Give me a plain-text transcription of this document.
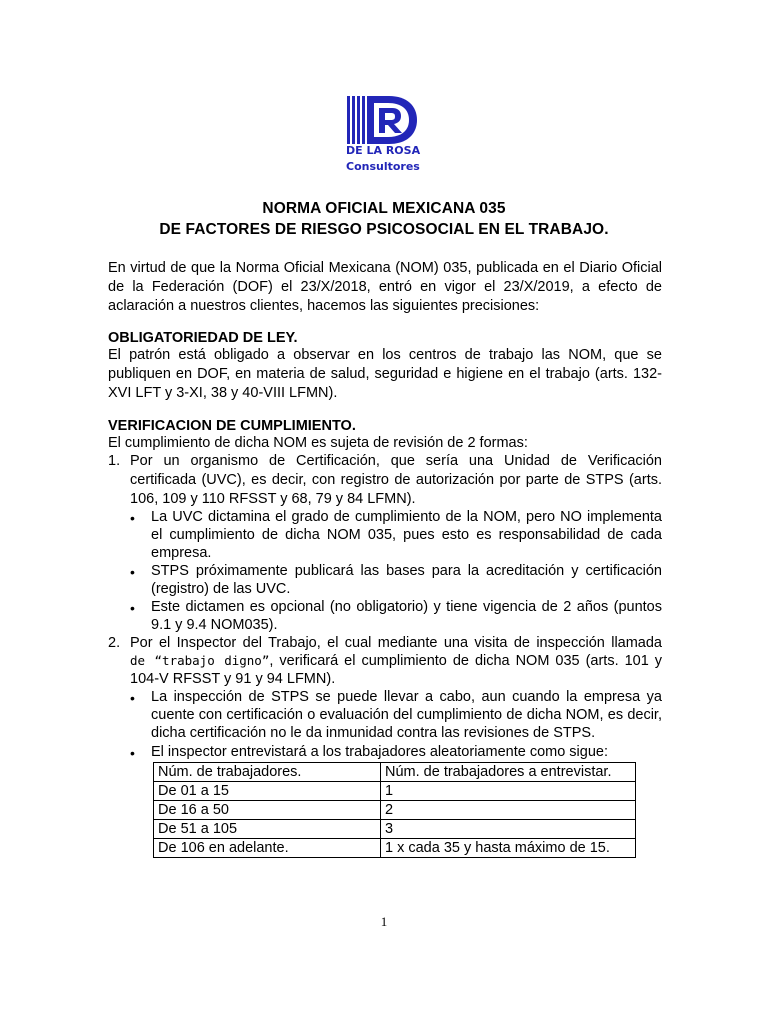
DE LA ROSA
Consultores
NORMA OFICIAL MEXICANA 035
DE FACTORES DE RIESGO PSICOSOCIAL EN EL TRABAJO.
En virtud de que la Norma Oficial Mexicana (NOM) 035, publicada en el Diario Oficial de la Federación (DOF) el 23/X/2018, entró en vigor el 23/X/2019, a efecto de aclaración a nuestros clientes, hacemos las siguientes precisiones:
OBLIGATORIEDAD DE LEY.
El patrón está obligado a observar en los centros de trabajo las NOM, que se publiquen en DOF, en materia de salud, seguridad e higiene en el trabajo (arts. 132-XVI LFT y 3-XI, 38 y 40-VIII LFMN).
VERIFICACION DE CUMPLIMIENTO.
El cumplimiento de dicha NOM es sujeta de revisión de 2 formas:
1. Por un organismo de Certificación, que sería una Unidad de Verificación certificada (UVC), es decir, con registro de autorización por parte de STPS (arts. 106, 109 y 110 RFSST y 68, 79 y 84 LFMN).
• La UVC dictamina el grado de cumplimiento de la NOM, pero NO implementa el cumplimiento de dicha NOM 035, pues esto es responsabilidad de cada empresa.
• STPS próximamente publicará las bases para la acreditación y certificación (registro) de las UVC.
• Este dictamen es opcional (no obligatorio) y tiene vigencia de 2 años (puntos 9.1 y 9.4 NOM035).
2. Por el Inspector del Trabajo, el cual mediante una visita de inspección llamada
de “trabajo digno”, verificará el cumplimiento de dicha NOM 035 (arts. 101 y
104-V RFSST y 91 y 94 LFMN).
• La inspección de STPS se puede llevar a cabo, aun cuando la empresa ya cuente con certificación o evaluación del cumplimiento de dicha NOM, es decir, dicha certificación no le da inmunidad contra las revisiones de STPS.
• El inspector entrevistará a los trabajadores aleatoriamente como sigue:
Núm. de trabajadores.	Núm. de trabajadores a entrevistar.
De 01 a 15	1
De 16 a 50	2
De 51 a 105	3
De 106 en adelante.	1 x cada 35 y hasta máximo de 15.
1
